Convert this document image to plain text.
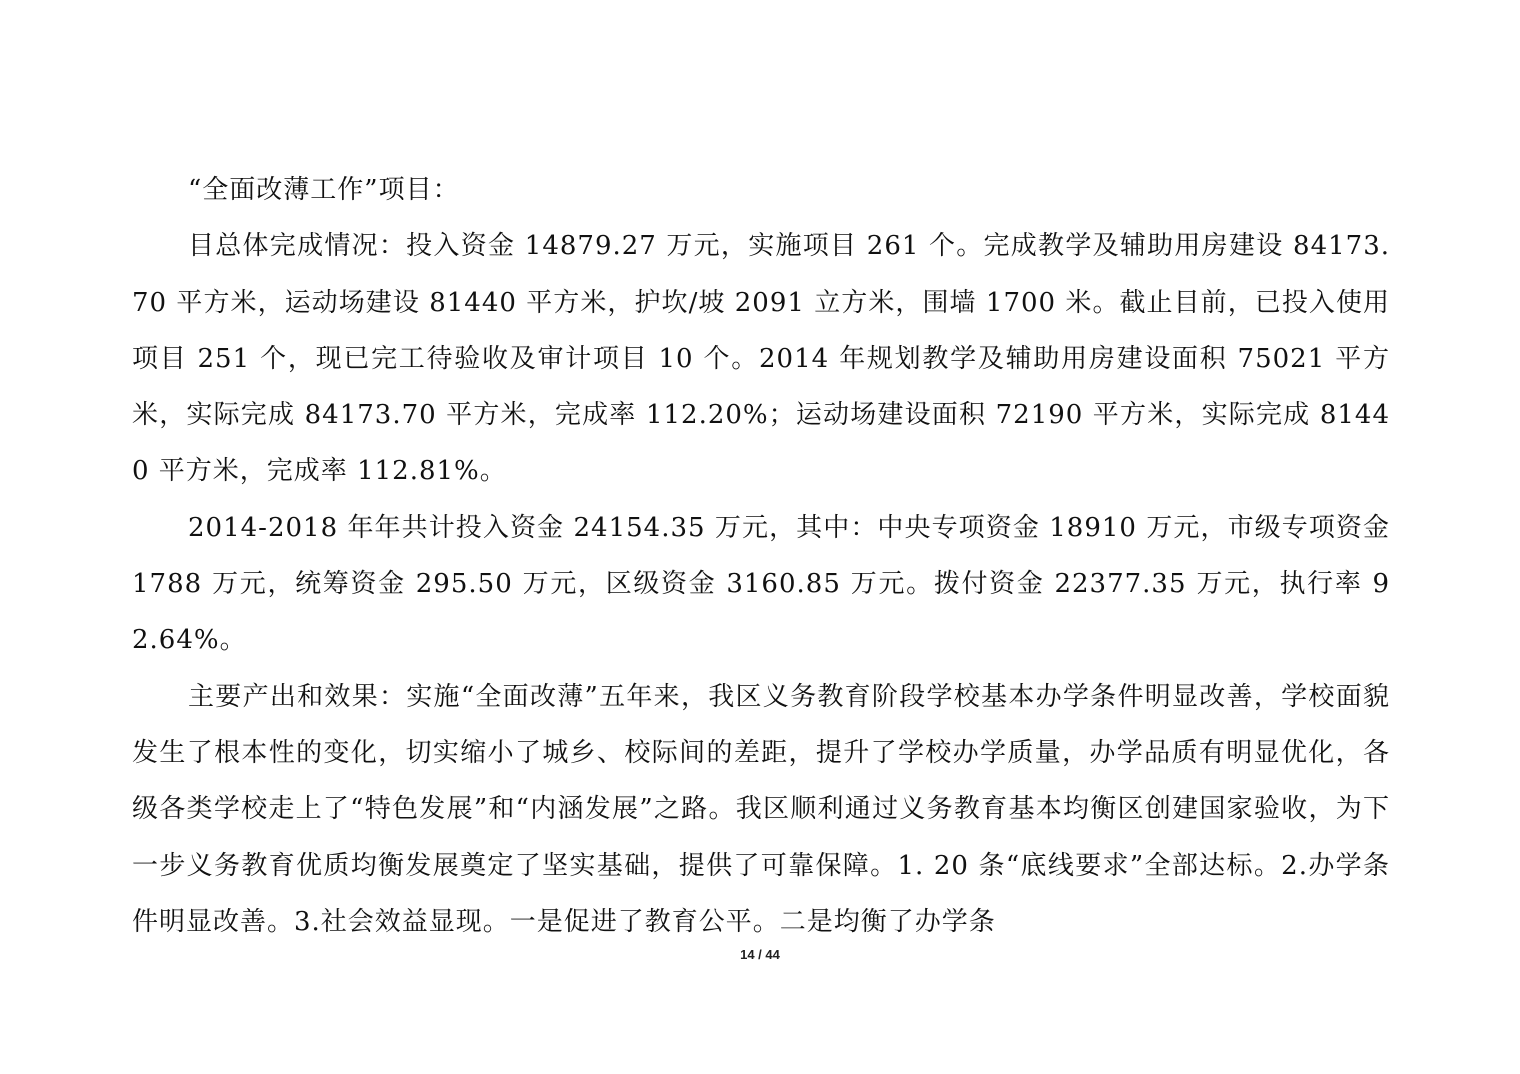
“全面改薄工作”项目：

目总体完成情况：投入资金 14879.27 万元，实施项目 261 个。完成教学及辅助用房建设 84173.70 平方米，运动场建设 81440 平方米，护坎/坡 2091 立方米，围墙 1700 米。截止目前，已投入使用项目 251 个，现已完工待验收及审计项目 10 个。2014 年规划教学及辅助用房建设面积 75021 平方米，实际完成 84173.70 平方米，完成率 112.20%；运动场建设面积 72190 平方米，实际完成 81440 平方米，完成率 112.81%。

2014-2018 年年共计投入资金 24154.35 万元，其中：中央专项资金 18910 万元，市级专项资金 1788 万元，统筹资金 295.50 万元，区级资金 3160.85 万元。拨付资金 22377.35 万元，执行率 92.64%。

主要产出和效果：实施“全面改薄”五年来，我区义务教育阶段学校基本办学条件明显改善，学校面貌发生了根本性的变化，切实缩小了城乡、校际间的差距，提升了学校办学质量，办学品质有明显优化，各级各类学校走上了“特色发展”和“内涵发展”之路。我区顺利通过义务教育基本均衡区创建国家验收，为下一步义务教育优质均衡发展奠定了坚实基础，提供了可靠保障。1. 20 条“底线要求”全部达标。2.办学条件明显改善。3.社会效益显现。一是促进了教育公平。二是均衡了办学条

14 / 44
